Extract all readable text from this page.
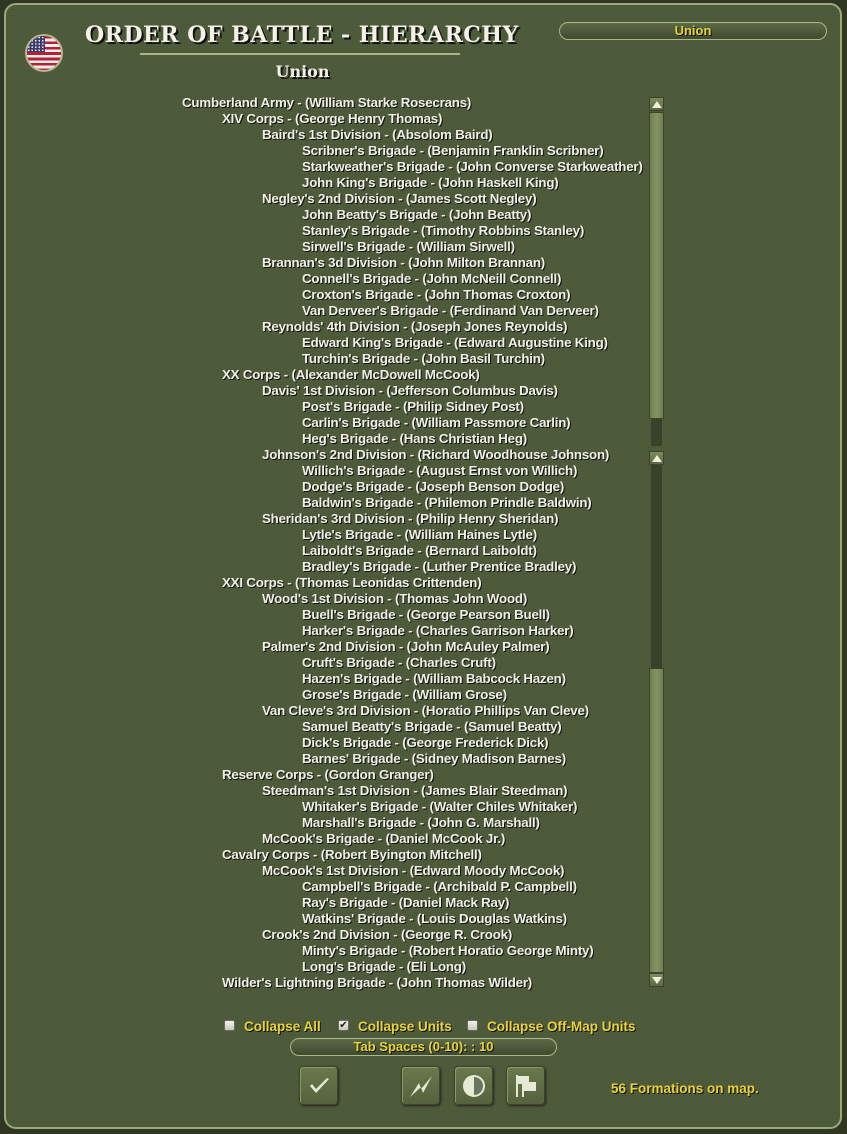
ORDER OF BATTLE - HIERARCHY
Union
Union
Cumberland Army - (William Starke Rosecrans)
XIV Corps - (George Henry Thomas)
Baird's 1st Division - (Absolom Baird)
Scribner's Brigade - (Benjamin Franklin Scribner)
Starkweather's Brigade - (John Converse Starkweather)
John King's Brigade - (John Haskell King)
Negley's 2nd Division - (James Scott Negley)
John Beatty's Brigade - (John Beatty)
Stanley's Brigade - (Timothy Robbins Stanley)
Sirwell's Brigade - (William Sirwell)
Brannan's 3d Division - (John Milton Brannan)
Connell's Brigade - (John McNeill Connell)
Croxton's Brigade - (John Thomas Croxton)
Van Derveer's Brigade - (Ferdinand Van Derveer)
Reynolds' 4th Division - (Joseph Jones Reynolds)
Edward King's Brigade - (Edward Augustine King)
Turchin's Brigade - (John Basil Turchin)
XX Corps - (Alexander McDowell McCook)
Davis' 1st Division - (Jefferson Columbus Davis)
Post's Brigade - (Philip Sidney Post)
Carlin's Brigade - (William Passmore Carlin)
Heg's Brigade - (Hans Christian Heg)
Johnson's 2nd Division - (Richard Woodhouse Johnson)
Willich's Brigade - (August Ernst von Willich)
Dodge's Brigade - (Joseph Benson Dodge)
Baldwin's Brigade - (Philemon Prindle Baldwin)
Sheridan's 3rd Division - (Philip Henry Sheridan)
Lytle's Brigade - (William Haines Lytle)
Laiboldt's Brigade - (Bernard Laiboldt)
Bradley's Brigade - (Luther Prentice Bradley)
XXI Corps - (Thomas Leonidas Crittenden)
Wood's 1st Division - (Thomas John Wood)
Buell's Brigade - (George Pearson Buell)
Harker's Brigade - (Charles Garrison Harker)
Palmer's 2nd Division - (John McAuley Palmer)
Cruft's Brigade - (Charles Cruft)
Hazen's Brigade - (William Babcock Hazen)
Grose's Brigade - (William Grose)
Van Cleve's 3rd Division - (Horatio Phillips Van Cleve)
Samuel Beatty's Brigade - (Samuel Beatty)
Dick's Brigade - (George Frederick Dick)
Barnes' Brigade - (Sidney Madison Barnes)
Reserve Corps - (Gordon Granger)
Steedman's 1st Division - (James Blair Steedman)
Whitaker's Brigade - (Walter Chiles Whitaker)
Marshall's Brigade - (John G. Marshall)
McCook's Brigade - (Daniel McCook Jr.)
Cavalry Corps - (Robert Byington Mitchell)
McCook's 1st Division - (Edward Moody McCook)
Campbell's Brigade - (Archibald P. Campbell)
Ray's Brigade - (Daniel Mack Ray)
Watkins' Brigade - (Louis Douglas Watkins)
Crook's 2nd Division - (George R. Crook)
Minty's Brigade - (Robert Horatio George Minty)
Long's Brigade - (Eli Long)
Wilder's Lightning Brigade - (John Thomas Wilder)
Collapse All ✔ Collapse Units	Collapse Off-Map Units
Tab Spaces (0-10): : 10
56 Formations on map.
